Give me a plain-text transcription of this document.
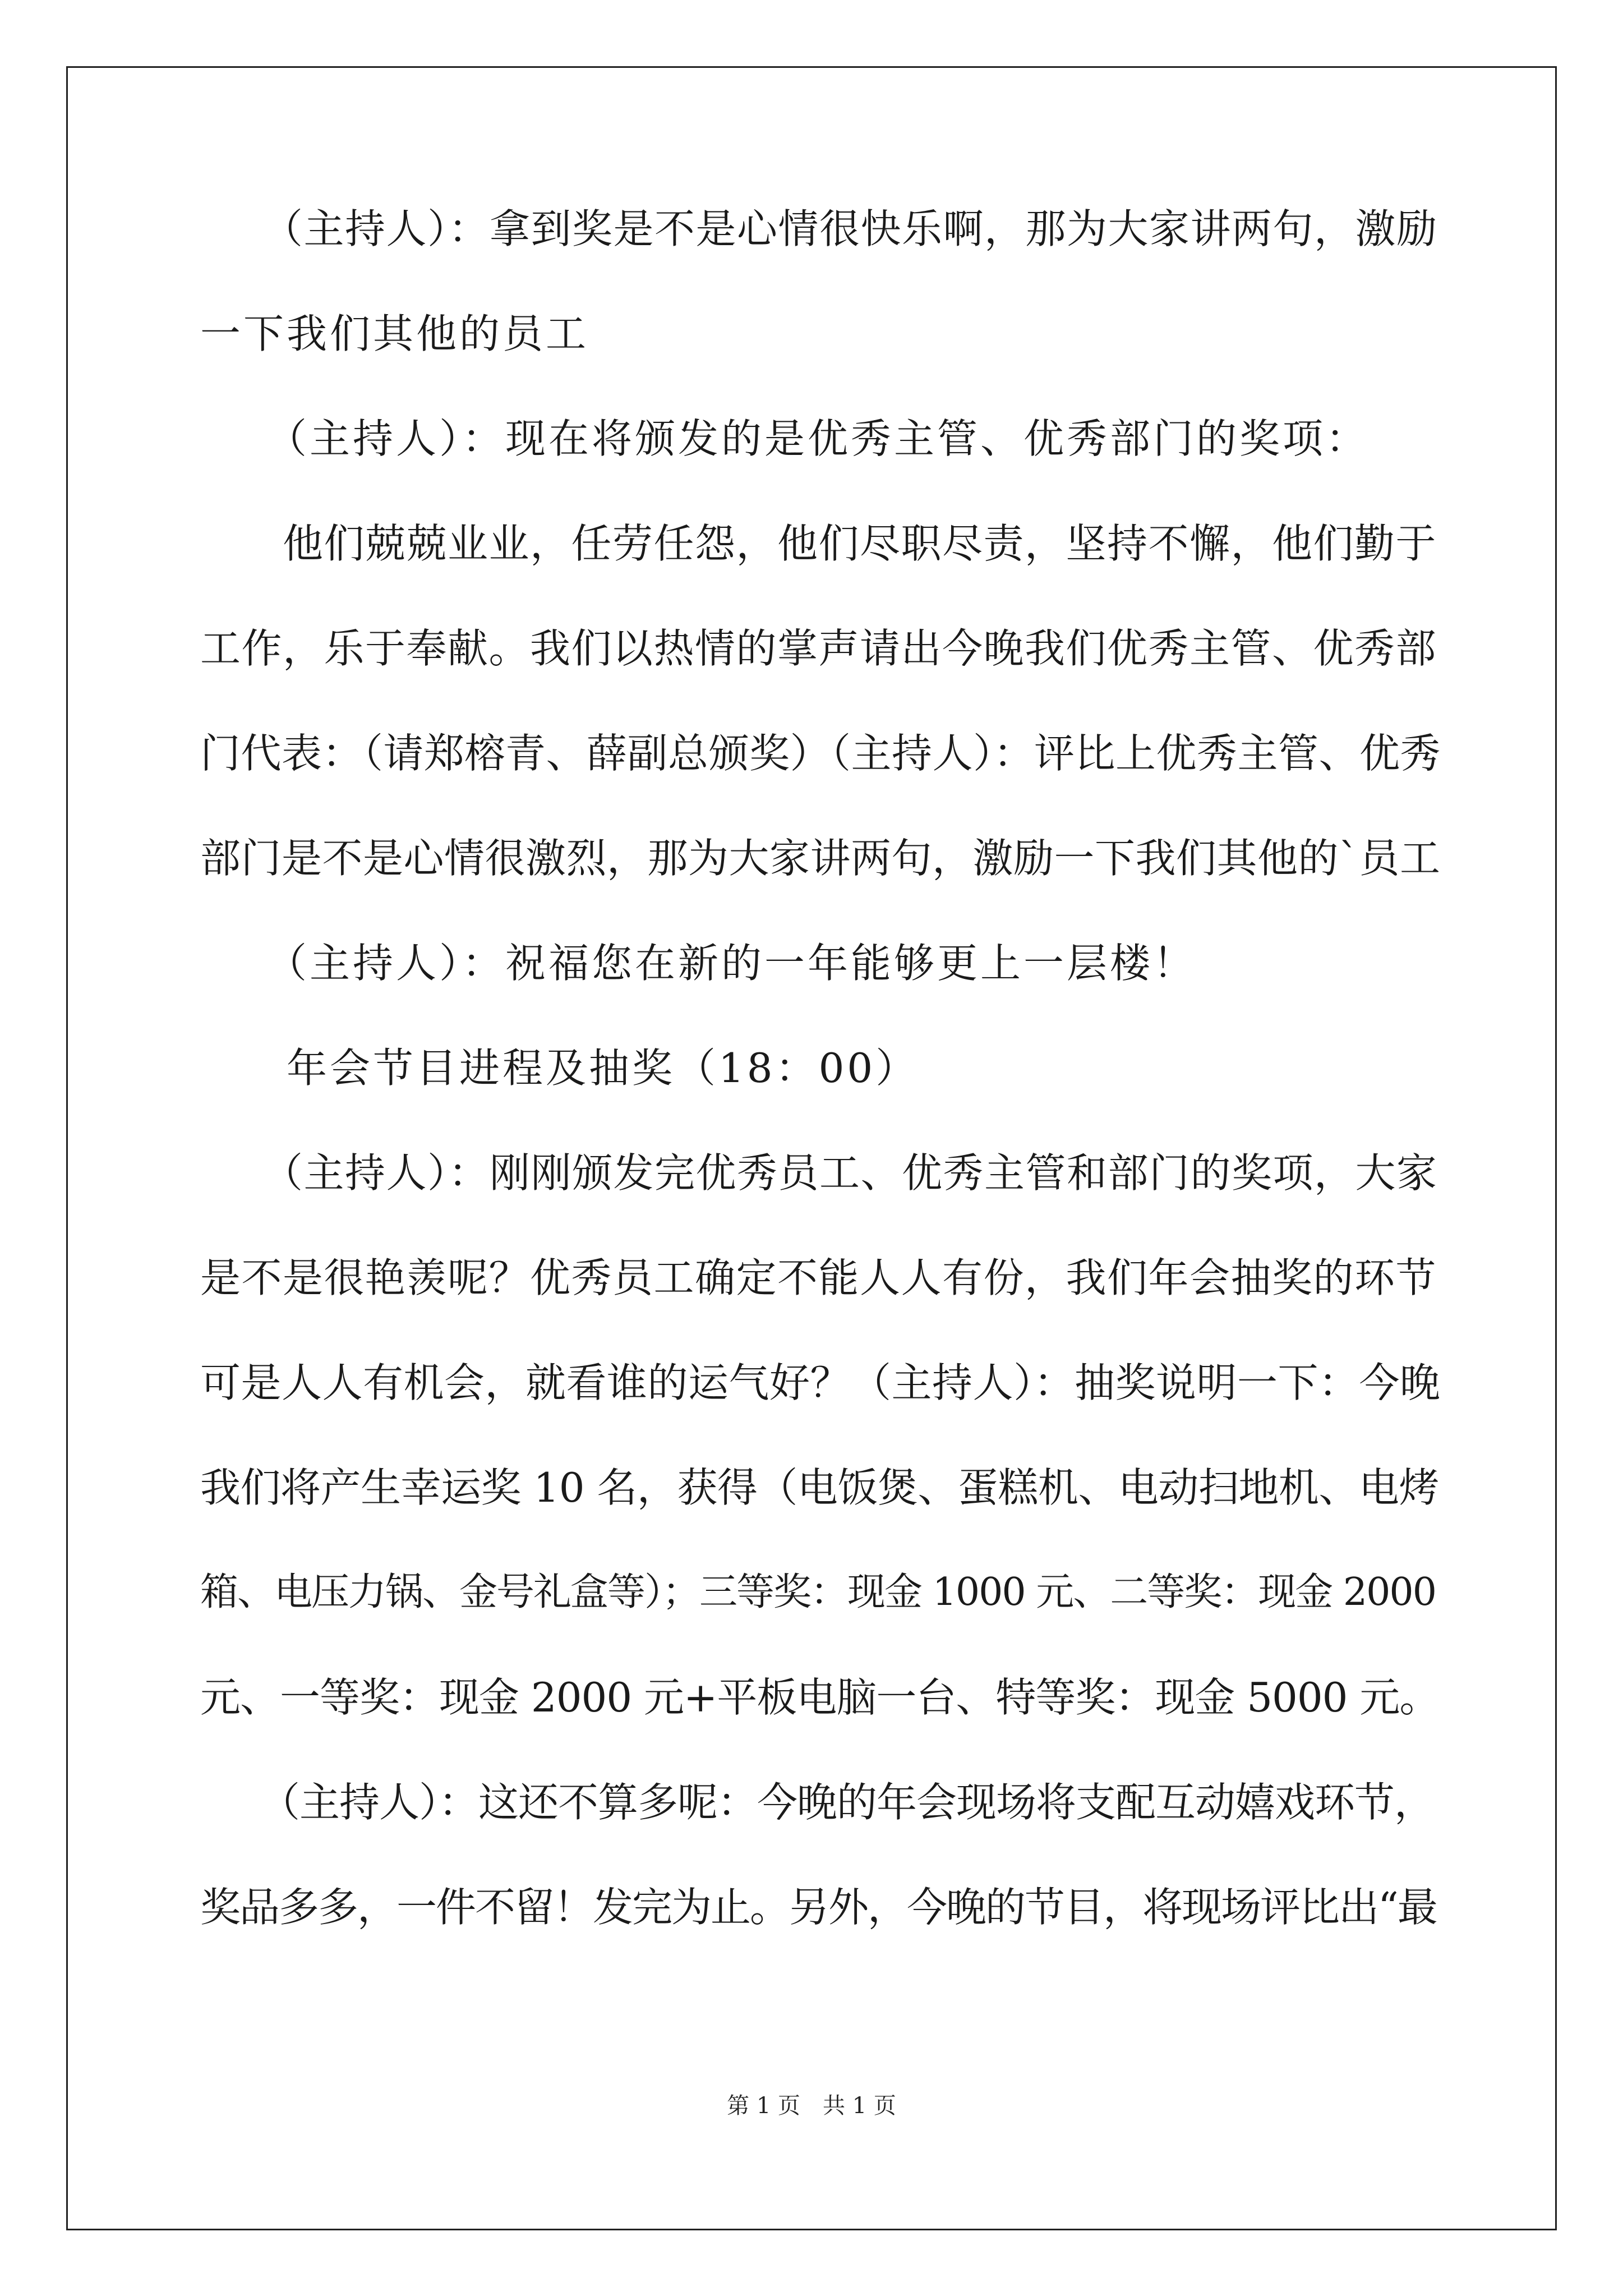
　　（主持人）：拿到奖是不是心情很快乐啊，那为大家讲两句，激励
一下我们其他的员工
　　（主持人）：现在将颁发的是优秀主管、优秀部门的奖项：
　　他们兢兢业业，任劳任怨，他们尽职尽责，坚持不懈，他们勤于
工作，乐于奉献。我们以热情的掌声请出今晚我们优秀主管、优秀部
门代表：（请郑榕青、薛副总颁奖）（主持人）：评比上优秀主管、优秀
部门是不是心情很激烈，那为大家讲两句，激励一下我们其他的`员工
　　（主持人）：祝福您在新的一年能够更上一层楼！
　　年会节目进程及抽奖（18：00）
　　（主持人）：刚刚颁发完优秀员工、优秀主管和部门的奖项，大家
是不是很艳羡呢？优秀员工确定不能人人有份，我们年会抽奖的环节
可是人人有机会，就看谁的运气好？（主持人）：抽奖说明一下：今晚
我们将产生幸运奖 10 名，获得（电饭煲、蛋糕机、电动扫地机、电烤
箱、电压力锅、金号礼盒等）；三等奖：现金 1000 元、二等奖：现金 2000
元、一等奖：现金 2000 元+平板电脑一台、特等奖：现金 5000 元。
　　（主持人）：这还不算多呢：今晚的年会现场将支配互动嬉戏环节，
奖品多多，一件不留！发完为止。另外，今晚的节目，将现场评比出“最
第 1 页　共 1 页
